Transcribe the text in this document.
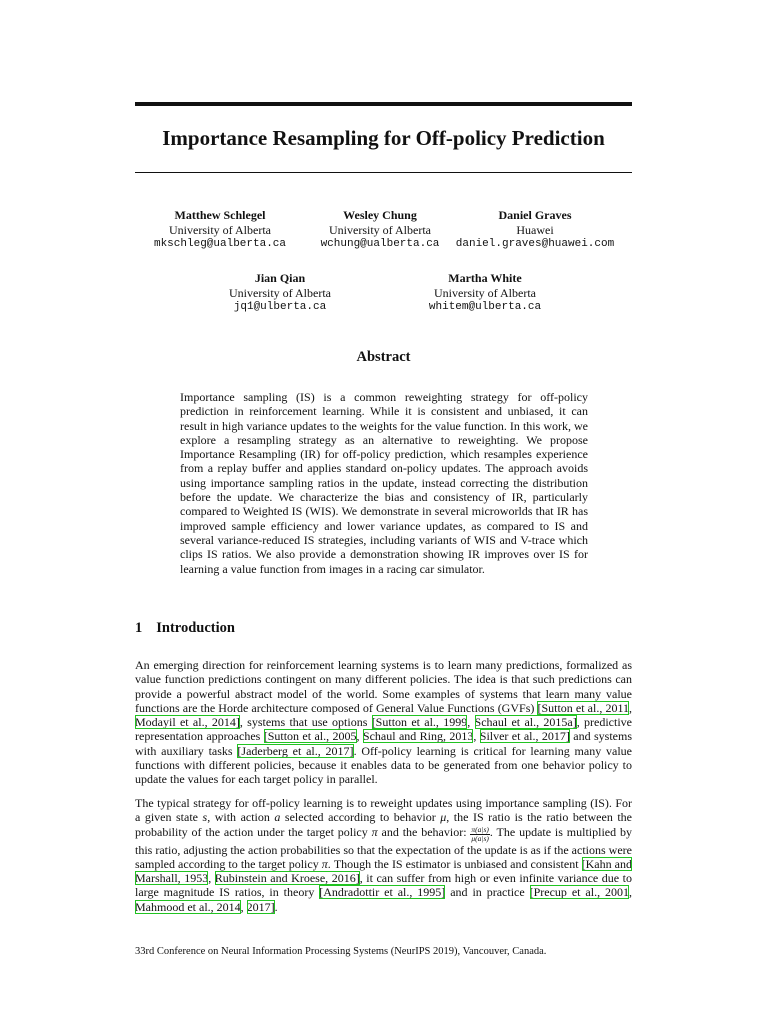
Importance Resampling for Off-policy Prediction
Matthew Schlegel
University of Alberta
mkschleg@ualberta.ca
Wesley Chung
University of Alberta
wchung@ualberta.ca
Daniel Graves
Huawei
daniel.graves@huawei.com
Jian Qian
University of Alberta
jq1@ulberta.ca
Martha White
University of Alberta
whitem@ulberta.ca
Abstract
Importance sampling (IS) is a common reweighting strategy for off-policy prediction in reinforcement learning. While it is consistent and unbiased, it can result in high variance updates to the weights for the value function. In this work, we explore a resampling strategy as an alternative to reweighting. We propose Importance Resampling (IR) for off-policy prediction, which resamples experience from a replay buffer and applies standard on-policy updates. The approach avoids using importance sampling ratios in the update, instead correcting the distribution before the update. We characterize the bias and consistency of IR, particularly compared to Weighted IS (WIS). We demonstrate in several microworlds that IR has improved sample efficiency and lower variance updates, as compared to IS and several variance-reduced IS strategies, including variants of WIS and V-trace which clips IS ratios. We also provide a demonstration showing IR improves over IS for learning a value function from images in a racing car simulator.
1 Introduction
An emerging direction for reinforcement learning systems is to learn many predictions, formalized as value function predictions contingent on many different policies. The idea is that such predictions can provide a powerful abstract model of the world. Some examples of systems that learn many value functions are the Horde architecture composed of General Value Functions (GVFs) [Sutton et al., 2011, Modayil et al., 2014], systems that use options [Sutton et al., 1999, Schaul et al., 2015a], predictive representation approaches [Sutton et al., 2005, Schaul and Ring, 2013, Silver et al., 2017] and systems with auxiliary tasks [Jaderberg et al., 2017]. Off-policy learning is critical for learning many value functions with different policies, because it enables data to be generated from one behavior policy to update the values for each target policy in parallel.
The typical strategy for off-policy learning is to reweight updates using importance sampling (IS). For a given state s, with action a selected according to behavior μ, the IS ratio is the ratio between the probability of the action under the target policy π and the behavior: $\frac{\pi(a|s)}{\mu(a|s)}$ . The update is multiplied by this ratio, adjusting the action probabilities so that the expectation of the update is as if the actions were sampled according to the target policy π. Though the IS estimator is unbiased and consistent [Kahn and Marshall, 1953, Rubinstein and Kroese, 2016], it can suffer from high or even infinite variance due to large magnitude IS ratios, in theory [Andradottir et al., 1995] and in practice [Precup et al., 2001, Mahmood et al., 2014, 2017].
33rd Conference on Neural Information Processing Systems (NeurIPS 2019), Vancouver, Canada.
